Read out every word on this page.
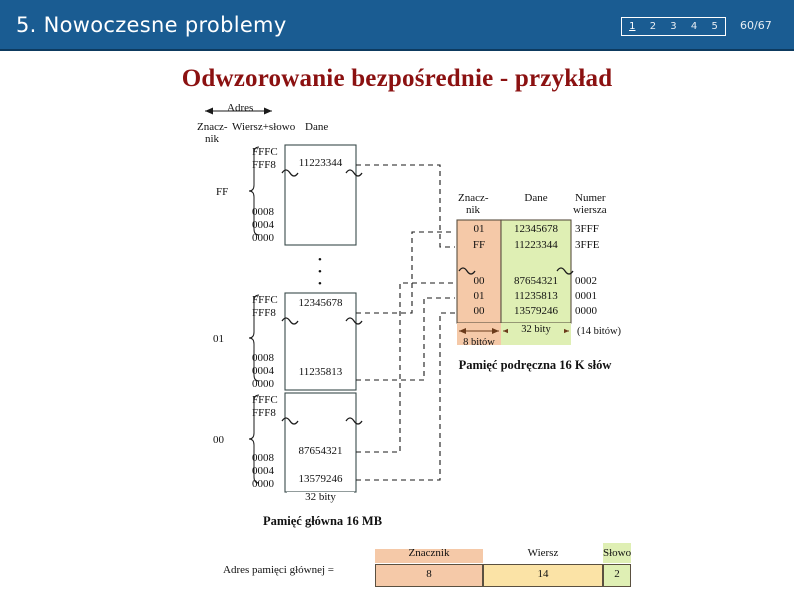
5. Nowoczesne problemy	1 2 3 4 5 60/67
Odwzorowanie bezpośrednie - przykład
Adres
Znacz-
nik
Wiersz+słowo Dane
FF
01
00
FFFC
FFF8
0008
0004
0000
11223344
•
•
•
FFFC
FFF8
0008
0004
0000
12345678
11235813
FFFC
FFF8
0008
0004
0000
87654321
13579246
32 bity
Pamięć główna 16 MB
Znacz-
nik
Dane	Numer
wiersza
01	12345678	3FFF
FF	11223344	3FFE
00	87654321	0002
01	11235813	0001
00	13579246	0000
8 bitów
32 bity	(14 bitów)
Pamięć podręczna 16 K słów
Adres pamięci głównej =
Znacznik	Wiersz	Słowo
8	14	2
